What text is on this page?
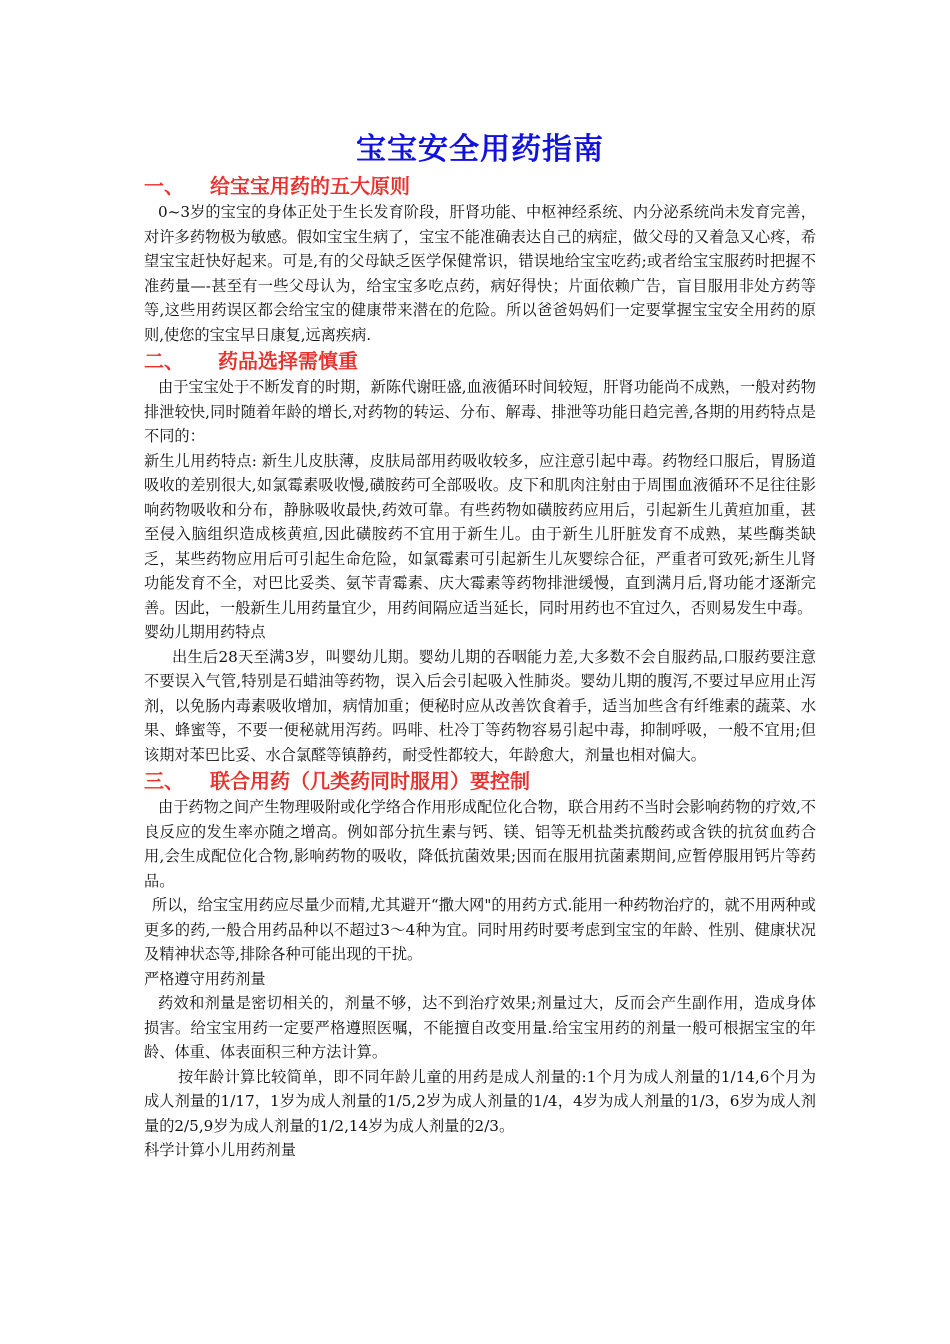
宝宝安全用药指南
一、 给宝宝用药的五大原则

0~3岁的宝宝的身体正处于生长发育阶段，肝肾功能、中枢神经系统、内分泌系统尚未发育完善，对许多药物极为敏感。假如宝宝生病了，宝宝不能准确表达自己的病症，做父母的又着急又心疼，希望宝宝赶快好起来。可是,有的父母缺乏医学保健常识，错误地给宝宝吃药;或者给宝宝服药时把握不准药量—-甚至有一些父母认为，给宝宝多吃点药，病好得快；片面依赖广告，盲目服用非处方药等等,这些用药误区都会给宝宝的健康带来潜在的危险。所以爸爸妈妈们一定要掌握宝宝安全用药的原则,使您的宝宝早日康复,远离疾病.

二、 药品选择需慎重

由于宝宝处于不断发育的时期，新陈代谢旺盛,血液循环时间较短，肝肾功能尚不成熟，一般对药物排泄较快,同时随着年龄的增长,对药物的转运、分布、解毒、排泄等功能日趋完善,各期的用药特点是不同的：

新生儿用药特点: 新生儿皮肤薄，皮肤局部用药吸收较多，应注意引起中毒。药物经口服后，胃肠道吸收的差别很大,如氯霉素吸收慢,磺胺药可全部吸收。皮下和肌肉注射由于周围血液循环不足往往影响药物吸收和分布，静脉吸收最快,药效可靠。有些药物如磺胺药应用后，引起新生儿黄疸加重，甚至侵入脑组织造成核黄疸,因此磺胺药不宜用于新生儿。由于新生儿肝脏发育不成熟，某些酶类缺乏，某些药物应用后可引起生命危险，如氯霉素可引起新生儿灰婴综合征，严重者可致死;新生儿肾功能发育不全，对巴比妥类、氨苄青霉素、庆大霉素等药物排泄缓慢，直到满月后,肾功能才逐渐完善。因此，一般新生儿用药量宜少，用药间隔应适当延长，同时用药也不宜过久，否则易发生中毒。

婴幼儿期用药特点

出生后28天至满3岁，叫婴幼儿期。婴幼儿期的吞咽能力差,大多数不会自服药品,口服药要注意不要误入气管,特别是石蜡油等药物，误入后会引起吸入性肺炎。婴幼儿期的腹泻,不要过早应用止泻剂，以免肠内毒素吸收增加，病情加重；便秘时应从改善饮食着手，适当加些含有纤维素的蔬菜、水果、蜂蜜等，不要一便秘就用泻药。吗啡、杜冷丁等药物容易引起中毒，抑制呼吸，一般不宜用;但该期对苯巴比妥、水合氯醛等镇静药，耐受性都较大，年龄愈大，剂量也相对偏大。

三、 联合用药（几类药同时服用）要控制

由于药物之间产生物理吸附或化学络合作用形成配位化合物，联合用药不当时会影响药物的疗效,不良反应的发生率亦随之增高。例如部分抗生素与钙、镁、铝等无机盐类抗酸药或含铁的抗贫血药合用,会生成配位化合物,影响药物的吸收，降低抗菌效果;因而在服用抗菌素期间,应暂停服用钙片等药品。

所以，给宝宝用药应尽量少而精,尤其避开“撒大网"的用药方式.能用一种药物治疗的，就不用两种或更多的药,一般合用药品种以不超过3～4种为宜。同时用药时要考虑到宝宝的年龄、性别、健康状况及精神状态等,排除各种可能出现的干扰。

严格遵守用药剂量

药效和剂量是密切相关的，剂量不够，达不到治疗效果;剂量过大，反而会产生副作用，造成身体损害。给宝宝用药一定要严格遵照医嘱，不能擅自改变用量.给宝宝用药的剂量一般可根据宝宝的年龄、体重、体表面积三种方法计算。

按年龄计算比较简单，即不同年龄儿童的用药是成人剂量的:1个月为成人剂量的1/14,6个月为成人剂量的1/17，1岁为成人剂量的1/5,2岁为成人剂量的1/4，4岁为成人剂量的1/3，6岁为成人剂量的2/5,9岁为成人剂量的1/2,14岁为成人剂量的2/3。

科学计算小儿用药剂量
